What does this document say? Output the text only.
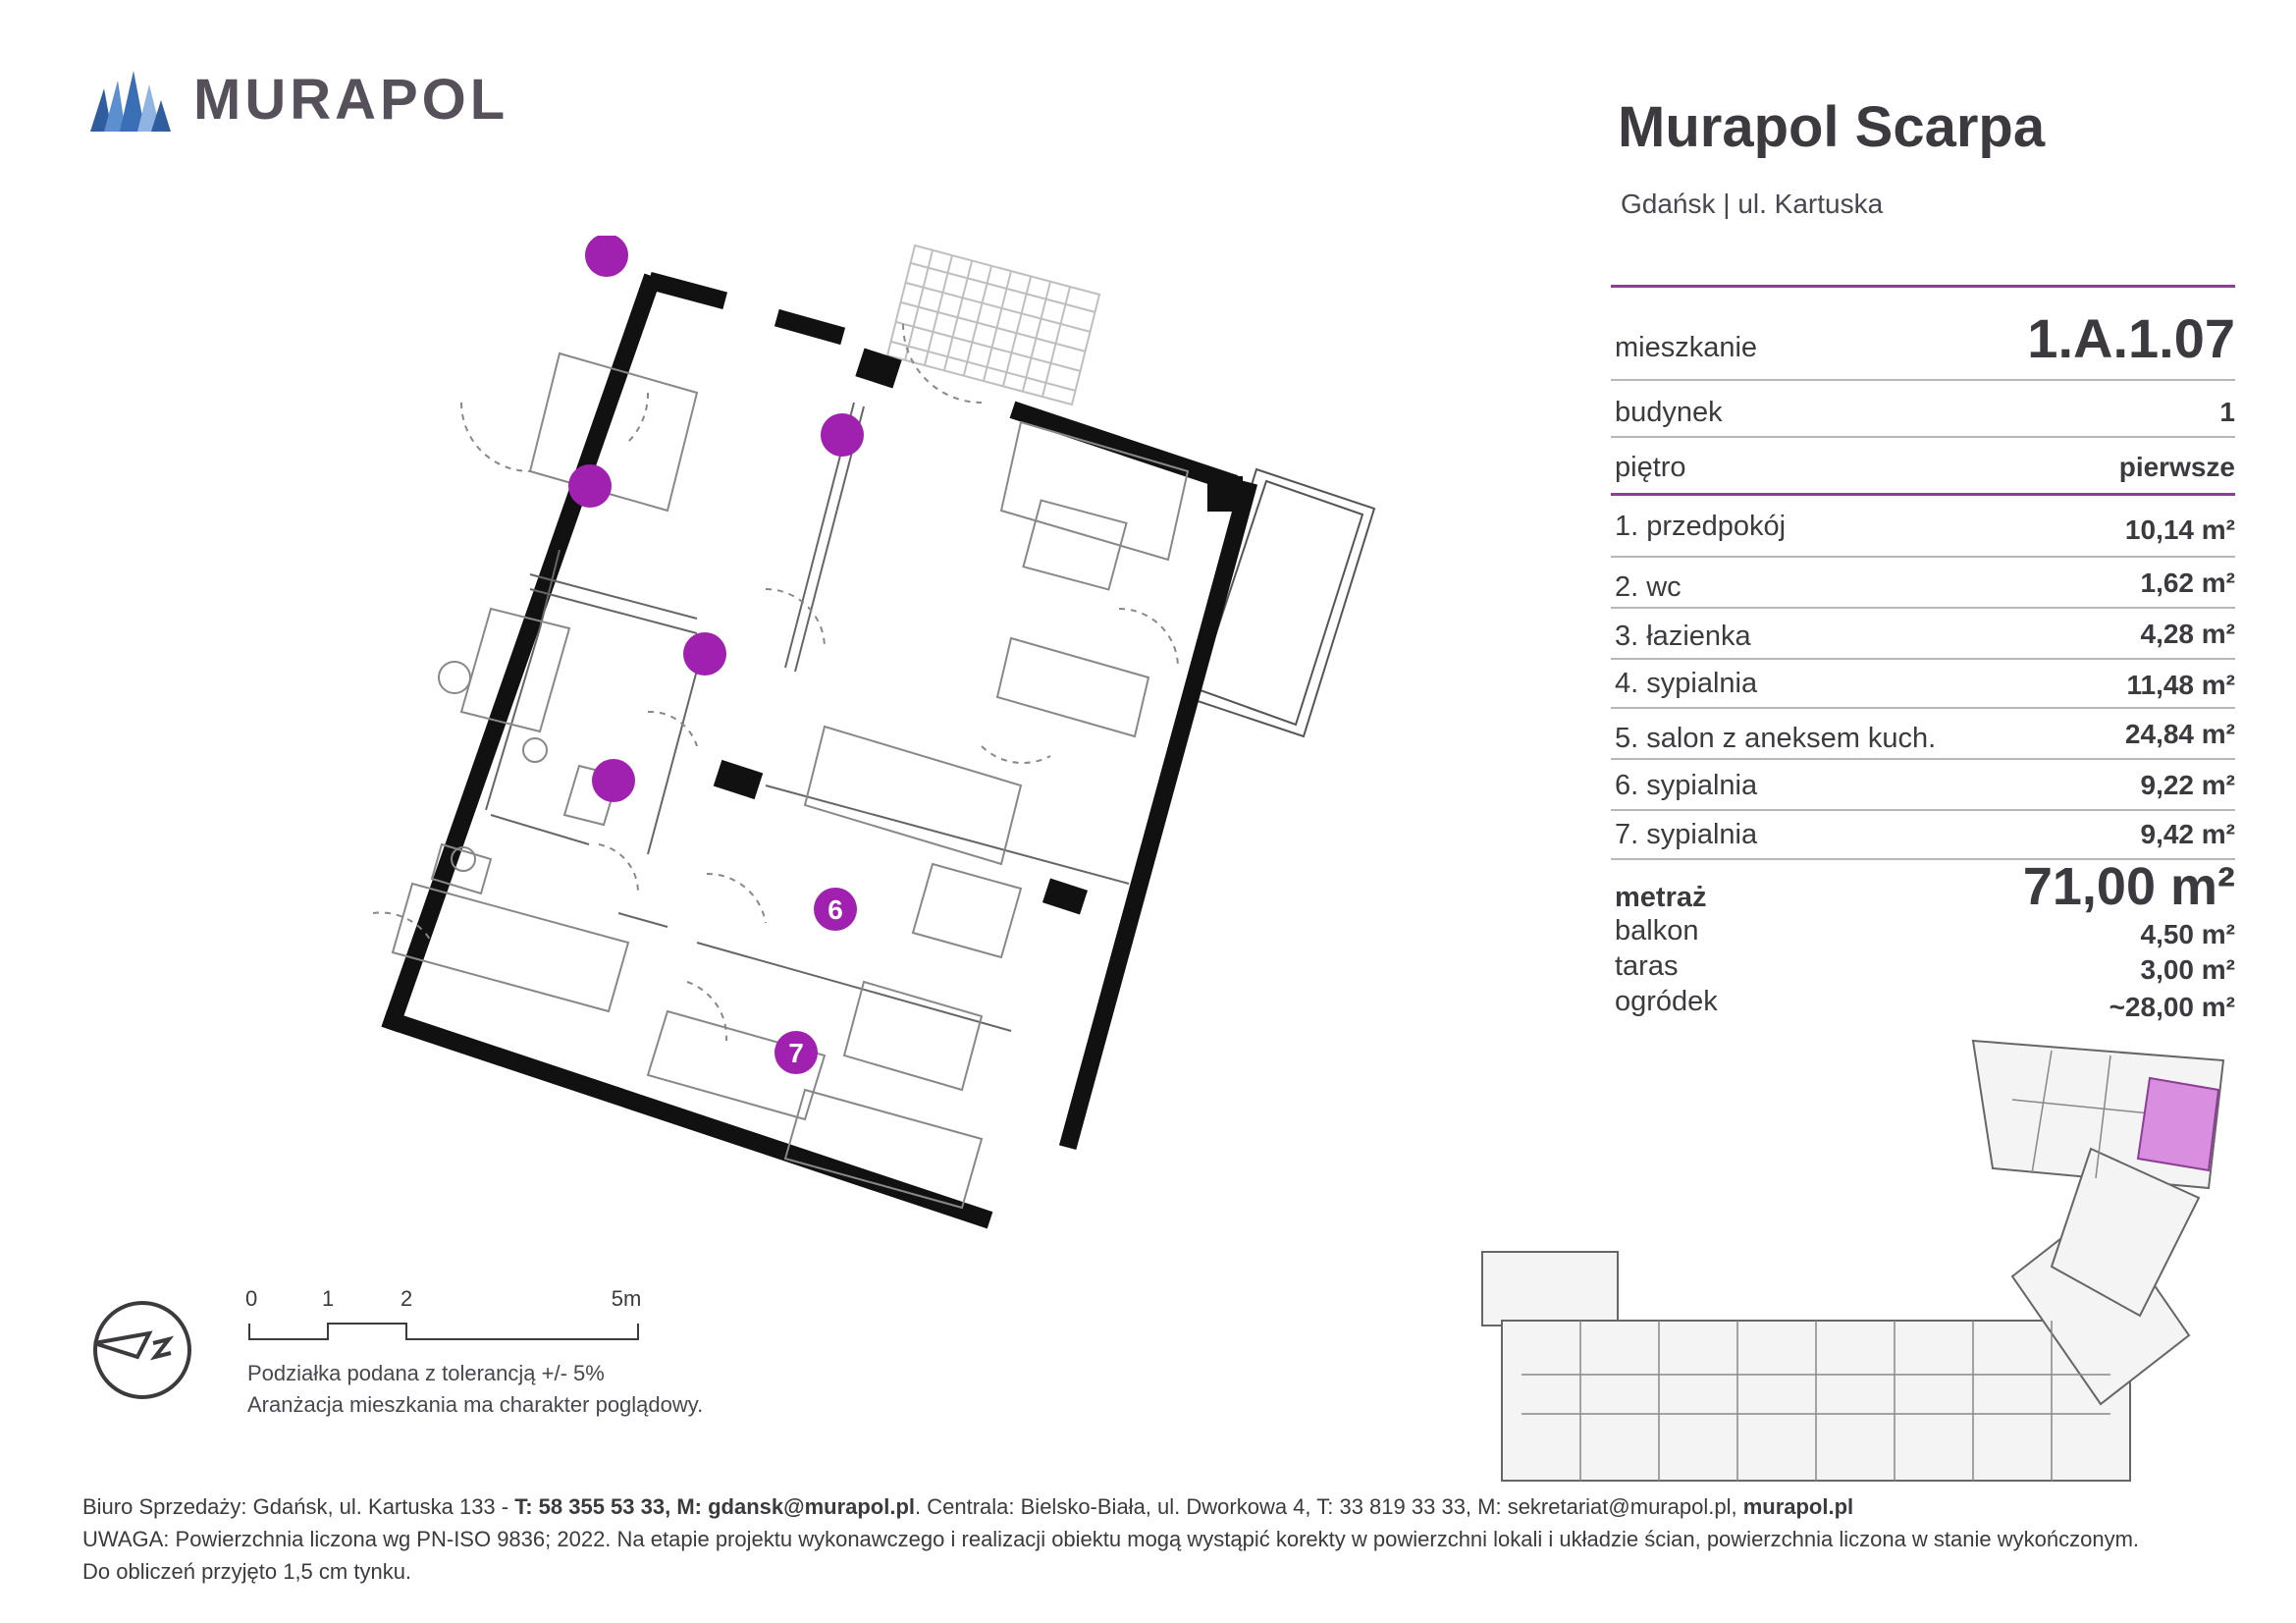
MURAPOL	Murapol Scarpa
Gdańsk | ul. Kartuska
mieszkanie	1.A.1.07
budynek	1
piętro	pierwsze
1. przedpokój	10,14 m²
2. wc	1,62 m²
3. łazienka	4,28 m²
4. sypialnia	11,48 m²
5. salon z aneksem kuch.	24,84 m²
6. sypialnia	9,22 m²
7. sypialnia	9,42 m²
metraż	71,00 m²
balkon	4,50 m²
taras	3,00 m²
ogródek	~28,00 m²
1
2
3
4
5
6
7
0	1	2	5m
Podziałka podana z tolerancją +/- 5%
Aranżacja mieszkania ma charakter poglądowy.
Biuro Sprzedaży: Gdańsk, ul. Kartuska 133 - T: 58 355 53 33, M: gdansk@murapol.pl. Centrala: Bielsko-Biała, ul. Dworkowa 4, T: 33 819 33 33, M: sekretariat@murapol.pl, murapol.pl
UWAGA: Powierzchnia liczona wg PN-ISO 9836; 2022. Na etapie projektu wykonawczego i realizacji obiektu mogą wystąpić korekty w powierzchni lokali i układzie ścian, powierzchnia liczona w stanie wykończonym.
Do obliczeń przyjęto 1,5 cm tynku.
